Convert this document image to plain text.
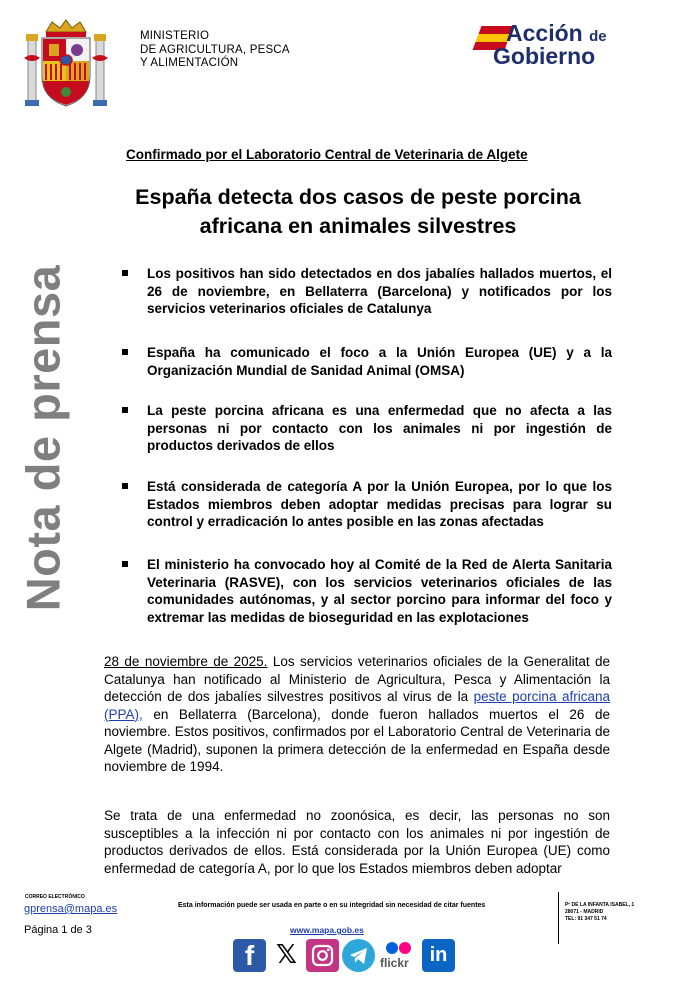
MINISTERIO
DE AGRICULTURA, PESCA
Y ALIMENTACIÓN
Acción de
Gobierno
Nota de prensa
Confirmado por el Laboratorio Central de Veterinaria de Algete
España detecta dos casos de peste porcina africana en animales silvestres
Los positivos han sido detectados en dos jabalíes hallados muertos, el 26 de noviembre, en Bellaterra (Barcelona) y notificados por los servicios veterinarios oficiales de Catalunya
España ha comunicado el foco a la Unión Europea (UE) y a la Organización Mundial de Sanidad Animal (OMSA)
La peste porcina africana es una enfermedad que no afecta a las personas ni por contacto con los animales ni por ingestión de productos derivados de ellos
Está considerada de categoría A por la Unión Europea, por lo que los Estados miembros deben adoptar medidas precisas para lograr su control y erradicación lo antes posible en las zonas afectadas
El ministerio ha convocado hoy al Comité de la Red de Alerta Sanitaria Veterinaria (RASVE), con los servicios veterinarios oficiales de las comunidades autónomas, y al sector porcino para informar del foco y extremar las medidas de bioseguridad en las explotaciones
28 de noviembre de 2025. Los servicios veterinarios oficiales de la Generalitat de Catalunya han notificado al Ministerio de Agricultura, Pesca y Alimentación la detección de dos jabalíes silvestres positivos al virus de la peste porcina africana (PPA), en Bellaterra (Barcelona), donde fueron hallados muertos el 26 de noviembre. Estos positivos, confirmados por el Laboratorio Central de Veterinaria de Algete (Madrid), suponen la primera detección de la enfermedad en España desde noviembre de 1994.
Se trata de una enfermedad no zoonósica, es decir, las personas no son susceptibles a la infección ni por contacto con los animales ni por ingestión de productos derivados de ellos. Está considerada por la Unión Europea (UE) como enfermedad de categoría A, por lo que los Estados miembros deben adoptar
CORREO ELECTRÓNICO
gprensa@mapa.es
Página 1 de 3
Esta información puede ser usada en parte o en su integridad sin necesidad de citar fuentes
www.mapa.gob.es
Pº DE LA INFANTA ISABEL, 1
28071 - MADRID
TEL: 91 347 51 74
f 𝕏	flickr	in
